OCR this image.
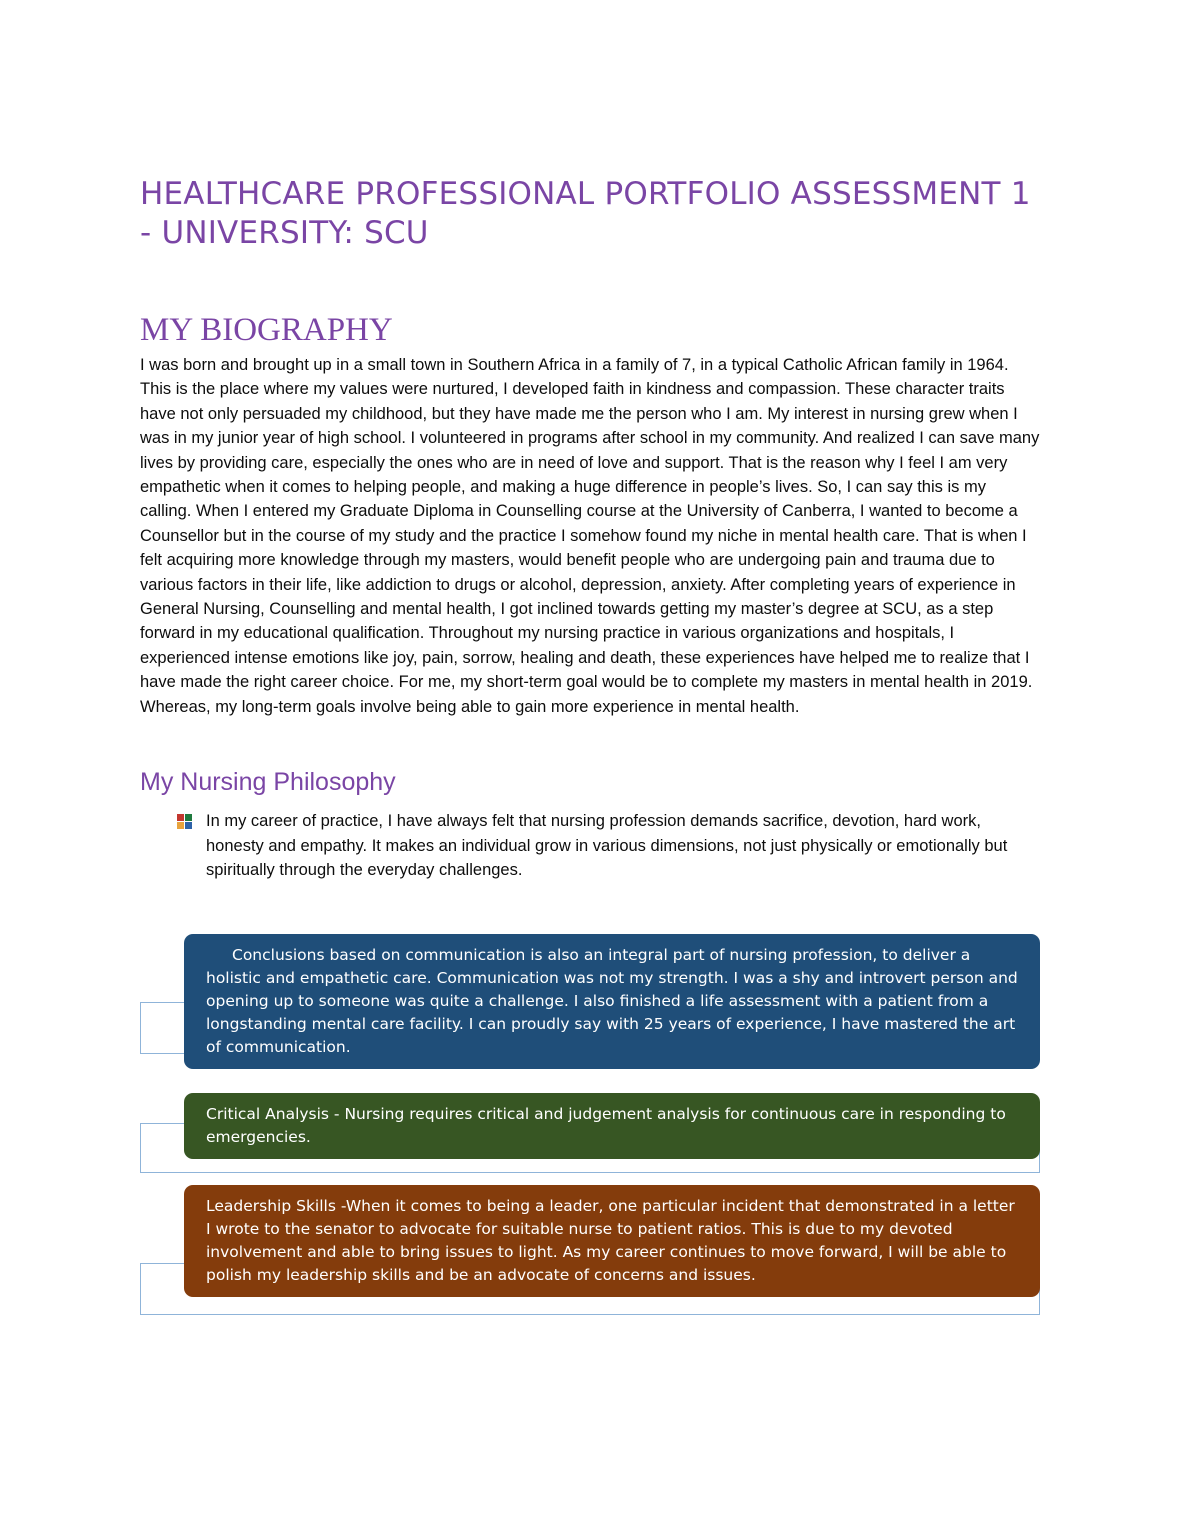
HEALTHCARE PROFESSIONAL PORTFOLIO ASSESSMENT 1 - UNIVERSITY: SCU
MY BIOGRAPHY

I was born and brought up in a small town in Southern Africa in a family of 7, in a typical Catholic African family in 1964. This is the place where my values were nurtured, I developed faith in kindness and compassion. These character traits have not only persuaded my childhood, but they have made me the person who I am. My interest in nursing grew when I was in my junior year of high school. I volunteered in programs after school in my community. And realized I can save many lives by providing care, especially the ones who are in need of love and support. That is the reason why I feel I am very empathetic when it comes to helping people, and making a huge difference in people’s lives. So, I can say this is my calling. When I entered my Graduate Diploma in Counselling course at the University of Canberra, I wanted to become a Counsellor but in the course of my study and the practice I somehow found my niche in mental health care. That is when I felt acquiring more knowledge through my masters, would benefit people who are undergoing pain and trauma due to various factors in their life, like addiction to drugs or alcohol, depression, anxiety. After completing years of experience in General Nursing, Counselling and mental health, I got inclined towards getting my master’s degree at SCU, as a step forward in my educational qualification. Throughout my nursing practice in various organizations and hospitals, I experienced intense emotions like joy, pain, sorrow, healing and death, these experiences have helped me to realize that I have made the right career choice. For me, my short-term goal would be to complete my masters in mental health in 2019. Whereas, my long-term goals involve being able to gain more experience in mental health.

My Nursing Philosophy
In my career of practice, I have always felt that nursing profession demands sacrifice, devotion, hard work, honesty and empathy. It makes an individual grow in various dimensions, not just physically or emotionally but spiritually through the everyday challenges.
Conclusions based on communication is also an integral part of nursing profession, to deliver a holistic and empathetic care. Communication was not my strength. I was a shy and introvert person and opening up to someone was quite a challenge. I also finished a life assessment with a patient from a longstanding mental care facility. I can proudly say with 25 years of experience, I have mastered the art of communication.
Critical Analysis - Nursing requires critical and judgement analysis for continuous care in responding to emergencies.
Leadership Skills -When it comes to being a leader, one particular incident that demonstrated in a letter I wrote to the senator to advocate for suitable nurse to patient ratios. This is due to my devoted involvement and able to bring issues to light. As my career continues to move forward, I will be able to polish my leadership skills and be an advocate of concerns and issues.
